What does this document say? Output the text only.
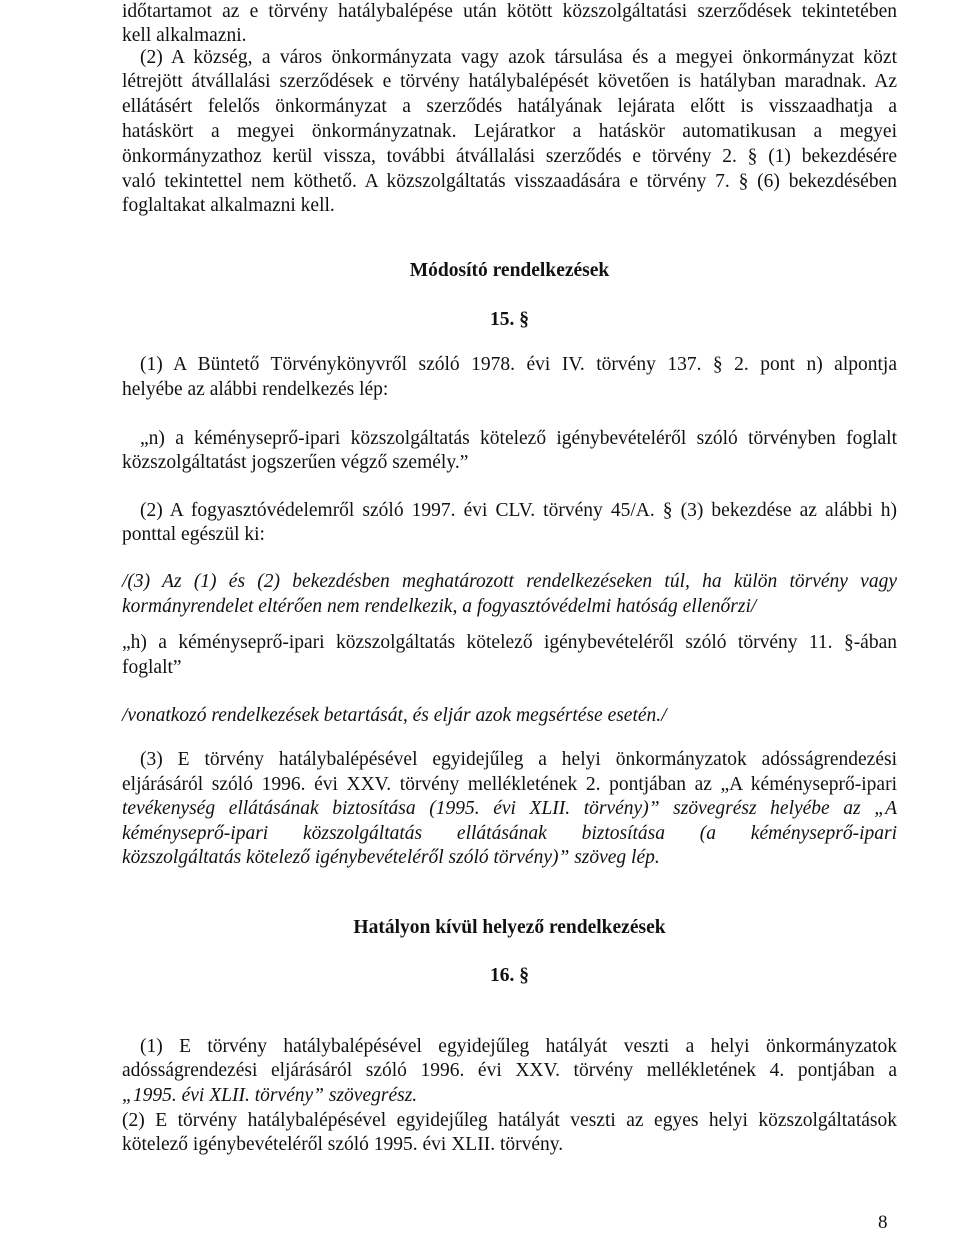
időtartamot az e törvény hatálybalépése után kötött közszolgáltatási szerződések tekintetében
kell alkalmazni.
(2) A község, a város önkormányzata vagy azok társulása és a megyei önkormányzat közt
létrejött átvállalási szerződések e törvény hatálybalépését követően is hatályban maradnak. Az
ellátásért felelős önkormányzat a szerződés hatályának lejárata előtt is visszaadhatja a
hatáskört a megyei önkormányzatnak. Lejáratkor a hatáskör automatikusan a megyei
önkormányzathoz kerül vissza, további átvállalási szerződés e törvény 2. § (1) bekezdésére
való tekintettel nem köthető. A közszolgáltatás visszaadására e törvény 7. § (6) bekezdésében
foglaltakat alkalmazni kell.
Módosító rendelkezések
15. §
(1) A Büntető Törvénykönyvről szóló 1978. évi IV. törvény 137. § 2. pont n) alpontja
helyébe az alábbi rendelkezés lép:
„n) a kéményseprő-ipari közszolgáltatás kötelező igénybevételéről szóló törvényben foglalt
közszolgáltatást jogszerűen végző személy.”
(2) A fogyasztóvédelemről szóló 1997. évi CLV. törvény 45/A. § (3) bekezdése az alábbi h)
ponttal egészül ki:
/(3) Az (1) és (2) bekezdésben meghatározott rendelkezéseken túl, ha külön törvény vagy
kormányrendelet eltérően nem rendelkezik, a fogyasztóvédelmi hatóság ellenőrzi/
„h) a kéményseprő-ipari közszolgáltatás kötelező igénybevételéről szóló törvény 11. §-ában
foglalt”
/vonatkozó rendelkezések betartását, és eljár azok megsértése esetén./
(3) E törvény hatálybalépésével egyidejűleg a helyi önkormányzatok adósságrendezési
eljárásáról szóló 1996. évi XXV. törvény mellékletének 2. pontjában az „A kéményseprő-ipari
tevékenység ellátásának biztosítása (1995. évi XLII. törvény)” szövegrész helyébe az „A
kéményseprő-ipari közszolgáltatás ellátásának biztosítása (a kéményseprő-ipari
közszolgáltatás kötelező igénybevételéről szóló törvény)” szöveg lép.
Hatályon kívül helyező rendelkezések
16. §
(1) E törvény hatálybalépésével egyidejűleg hatályát veszti a helyi önkormányzatok
adósságrendezési eljárásáról szóló 1996. évi XXV. törvény mellékletének 4. pontjában a
„1995. évi XLII. törvény” szövegrész.
(2) E törvény hatálybalépésével egyidejűleg hatályát veszti az egyes helyi közszolgáltatások
kötelező igénybevételéről szóló 1995. évi XLII. törvény.
8
